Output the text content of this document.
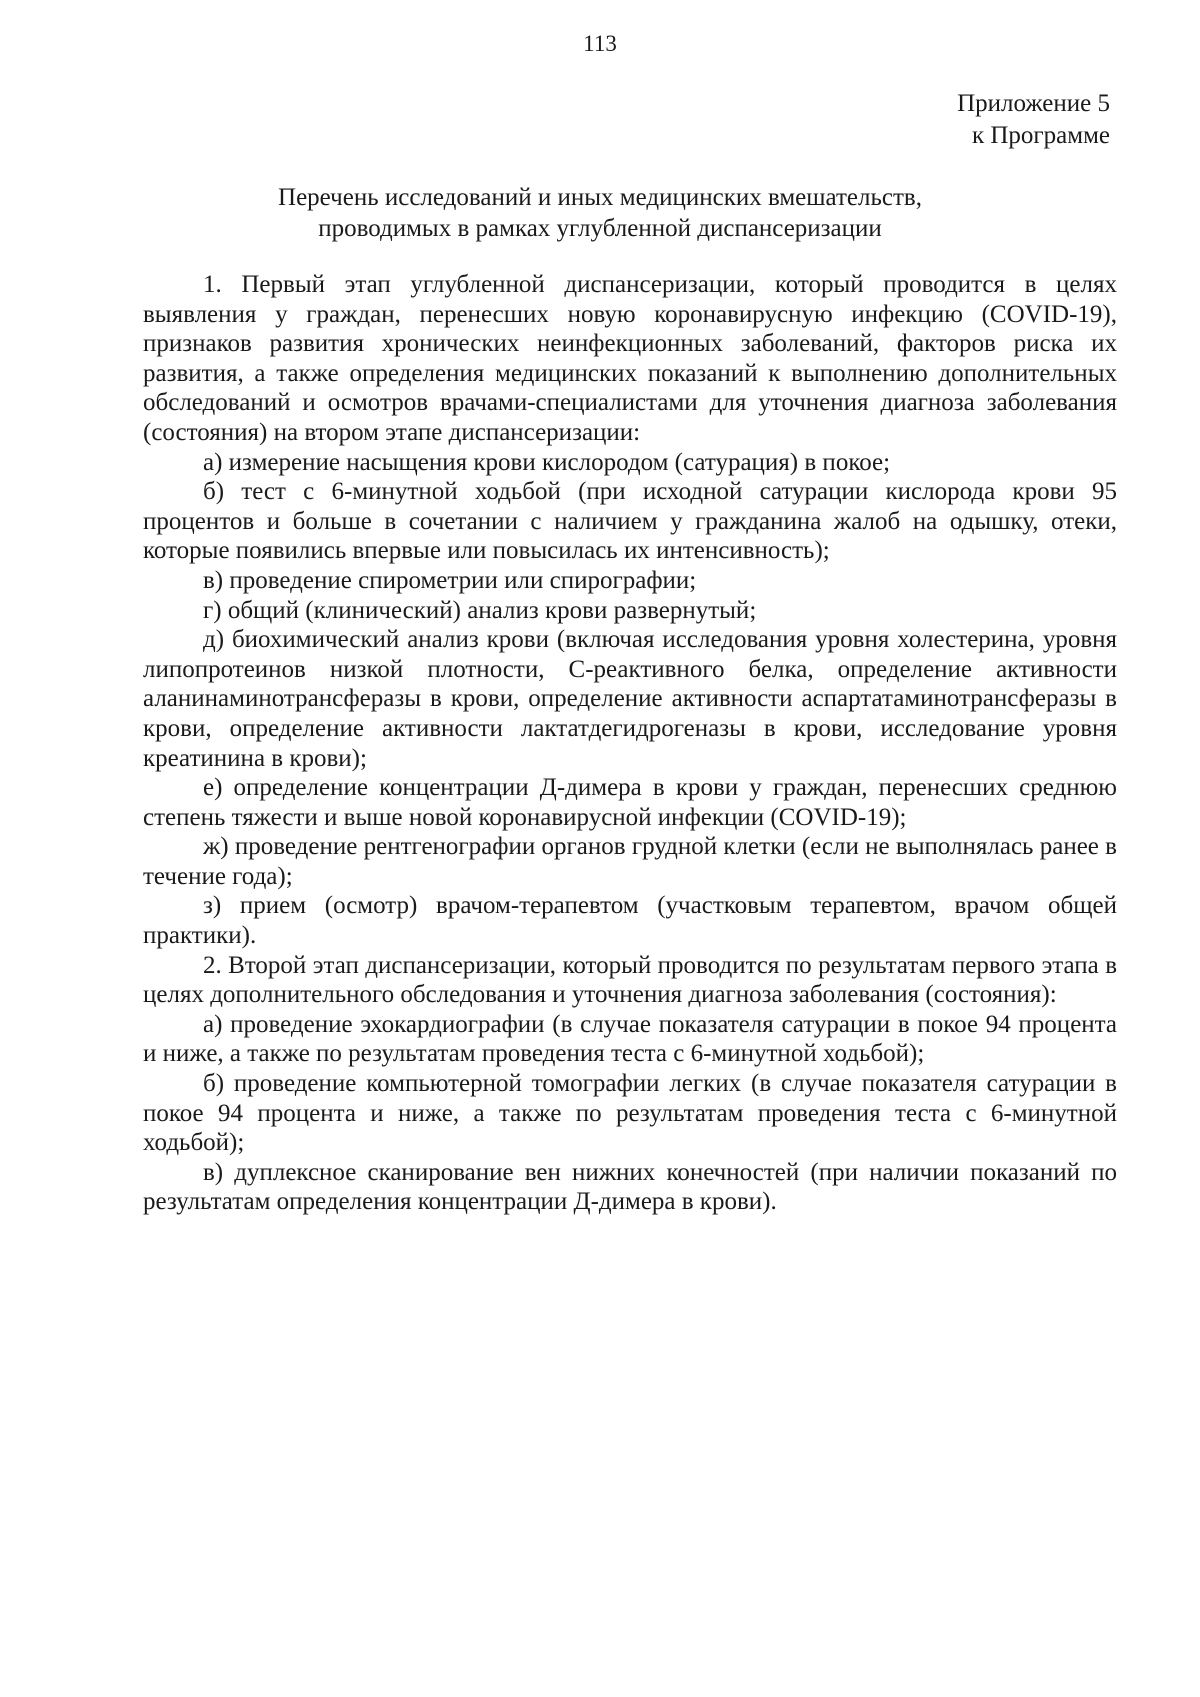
113
Приложение 5
к Программе
Перечень исследований и иных медицинских вмешательств,
проводимых в рамках углубленной диспансеризации

1. Первый этап углубленной диспансеризации, который проводится в целях выявления у граждан, перенесших новую коронавирусную инфекцию (COVID-19), признаков развития хронических неинфекционных заболеваний, факторов риска их развития, а также определения медицинских показаний к выполнению дополнительных обследований и осмотров врачами-специалистами для уточнения диагноза заболевания (состояния) на втором этапе диспансеризации:

а) измерение насыщения крови кислородом (сатурация) в покое;

б) тест с 6-минутной ходьбой (при исходной сатурации кислорода крови 95 процентов и больше в сочетании с наличием у гражданина жалоб на одышку, отеки, которые появились впервые или повысилась их интенсивность);

в) проведение спирометрии или спирографии;

г) общий (клинический) анализ крови развернутый;

д) биохимический анализ крови (включая исследования уровня холестерина, уровня липопротеинов низкой плотности, С-реактивного белка, определение активности аланинаминотрансферазы в крови, определение активности аспартатаминотрансферазы в крови, определение активности лактатдегидрогеназы в крови, исследование уровня креатинина в крови);

е) определение концентрации Д-димера в крови у граждан, перенесших среднюю степень тяжести и выше новой коронавирусной инфекции (COVID-19);

ж) проведение рентгенографии органов грудной клетки (если не выполнялась ранее в течение года);

з) прием (осмотр) врачом-терапевтом (участковым терапевтом, врачом общей практики).

2. Второй этап диспансеризации, который проводится по результатам первого этапа в целях дополнительного обследования и уточнения диагноза заболевания (состояния):

а) проведение эхокардиографии (в случае показателя сатурации в покое 94 процента и ниже, а также по результатам проведения теста с 6-минутной ходьбой);

б) проведение компьютерной томографии легких (в случае показателя сатурации в покое 94 процента и ниже, а также по результатам проведения теста с 6-минутной ходьбой);

в) дуплексное сканирование вен нижних конечностей (при наличии показаний по результатам определения концентрации Д-димера в крови).
